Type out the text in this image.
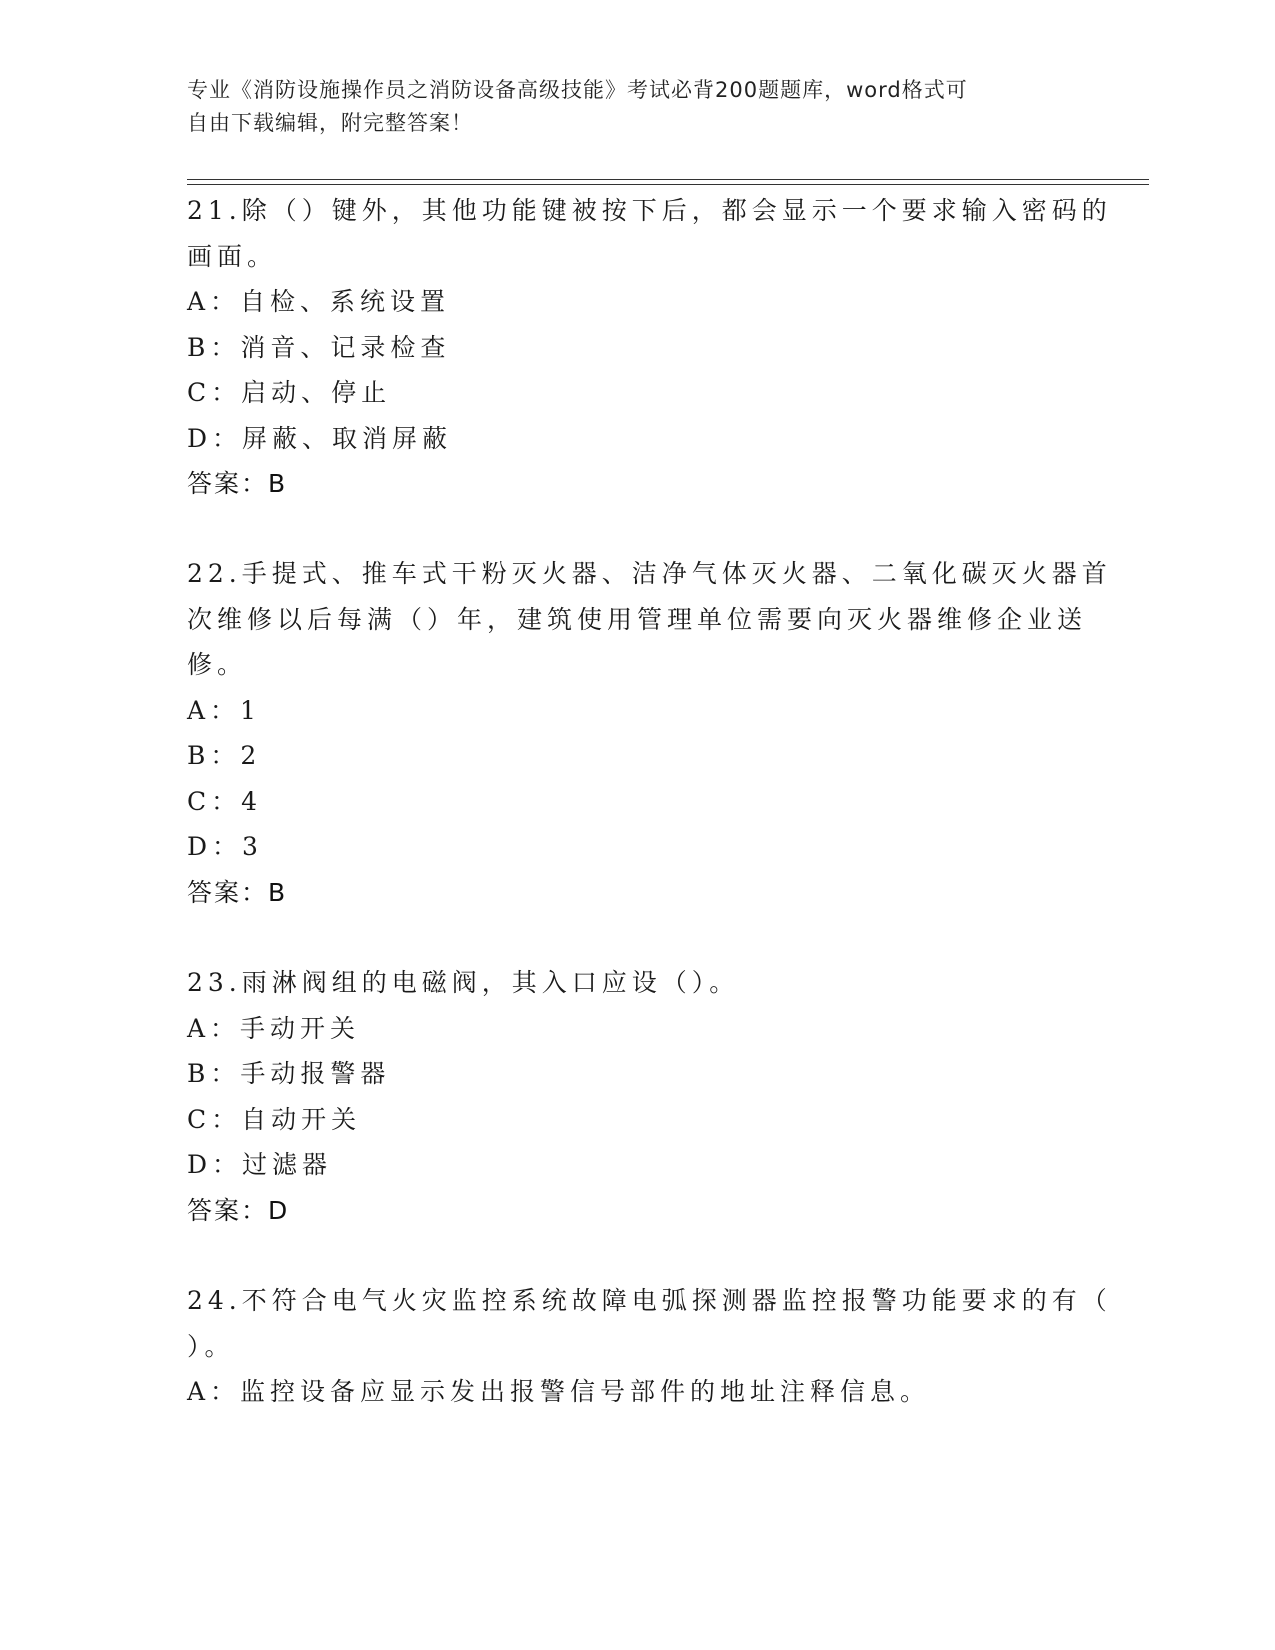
专业《消防设施操作员之消防设备高级技能》考试必背200题题库，word格式可
自由下载编辑，附完整答案！
21.除（）键外，其他功能键被按下后，都会显示一个要求输入密码的
画面。
A：自检、系统设置
B：消音、记录检查
C：启动、停止
D：屏蔽、取消屏蔽
答案：B
22.手提式、推车式干粉灭火器、洁净气体灭火器、二氧化碳灭火器首
次维修以后每满（）年，建筑使用管理单位需要向灭火器维修企业送
修。
A：1
B：2
C：4
D：3
答案：B
23.雨淋阀组的电磁阀，其入口应设（）。
A：手动开关
B：手动报警器
C：自动开关
D：过滤器
答案：D
24.不符合电气火灾监控系统故障电弧探测器监控报警功能要求的有（
）。
A：监控设备应显示发出报警信号部件的地址注释信息。
